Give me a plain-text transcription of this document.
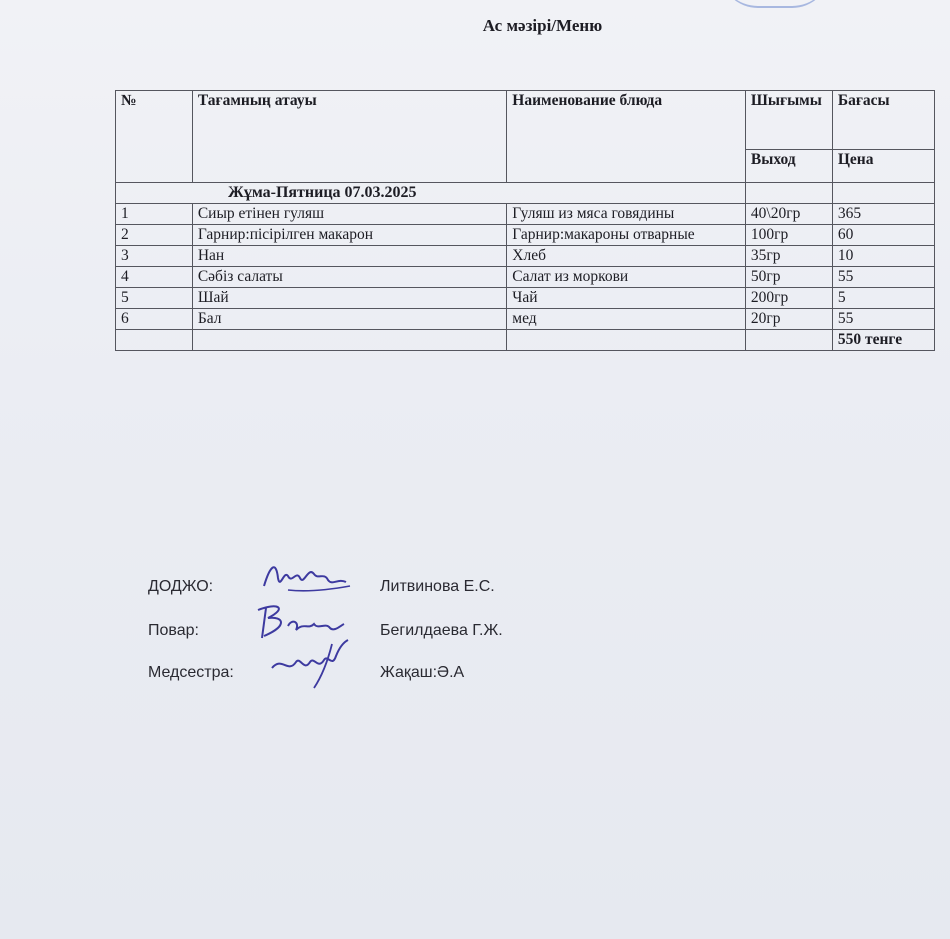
Ас мәзірі/Меню
№	Тағамның атауы	Наименование блюда	Шығымы	Бағасы
			Выход	Цена
Жұма-Пятница 07.03.2025				
1	Сиыр етінен гуляш	Гуляш из мяса говядины	40\20гр	365
2	Гарнир:пісірілген макарон	Гарнир:макароны отварные	100гр	60
3	Нан	Хлеб	35гр	10
4	Сәбіз салаты	Салат из моркови	50гр	55
5	Шай	Чай	200гр	5
6	Бал	мед	20гр	55
				550 тенге
ДОДЖО:	Литвинова Е.С.
Повар:	Бегилдаева Г.Ж.
Медсестра:	Жақаш:Ә.А
